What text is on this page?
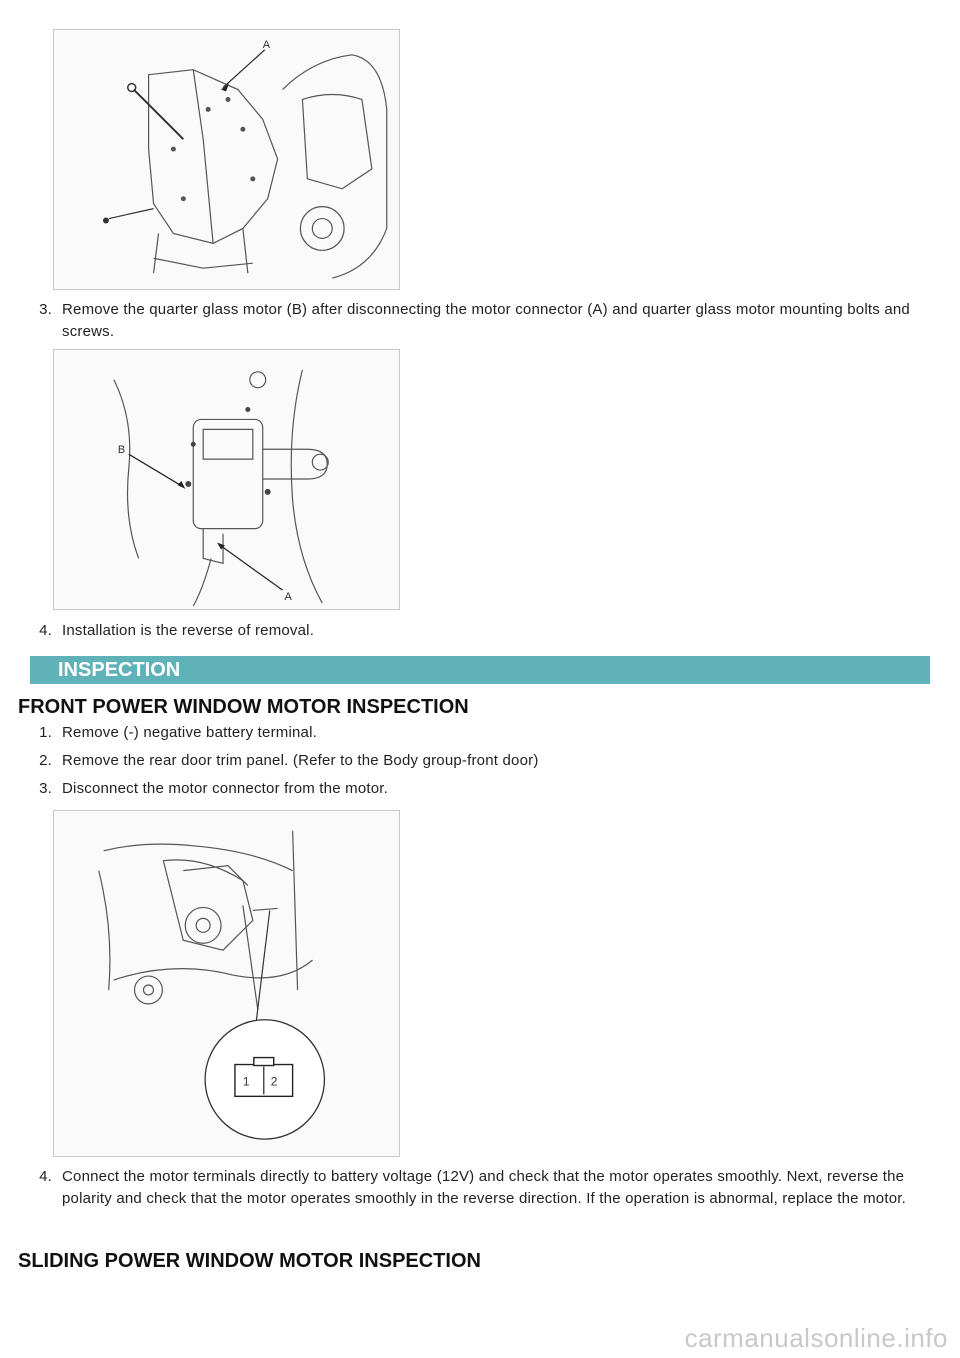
A
3. Remove the quarter glass motor (B) after disconnecting the motor connector (A) and quarter glass motor mounting bolts and screws.
B
A
4. Installation is the reverse of removal.
INSPECTION
FRONT POWER WINDOW MOTOR INSPECTION
1. Remove (-) negative battery terminal.
2. Remove the rear door trim panel. (Refer to the Body group-front door)
3. Disconnect the motor connector from the motor.
1 2
4. Connect the motor terminals directly to battery voltage (12V) and check that the motor operates smoothly. Next, reverse the polarity and check that the motor operates smoothly in the reverse direction. If the operation is abnormal, replace the motor.
SLIDING POWER WINDOW MOTOR INSPECTION
carmanualsonline.info
